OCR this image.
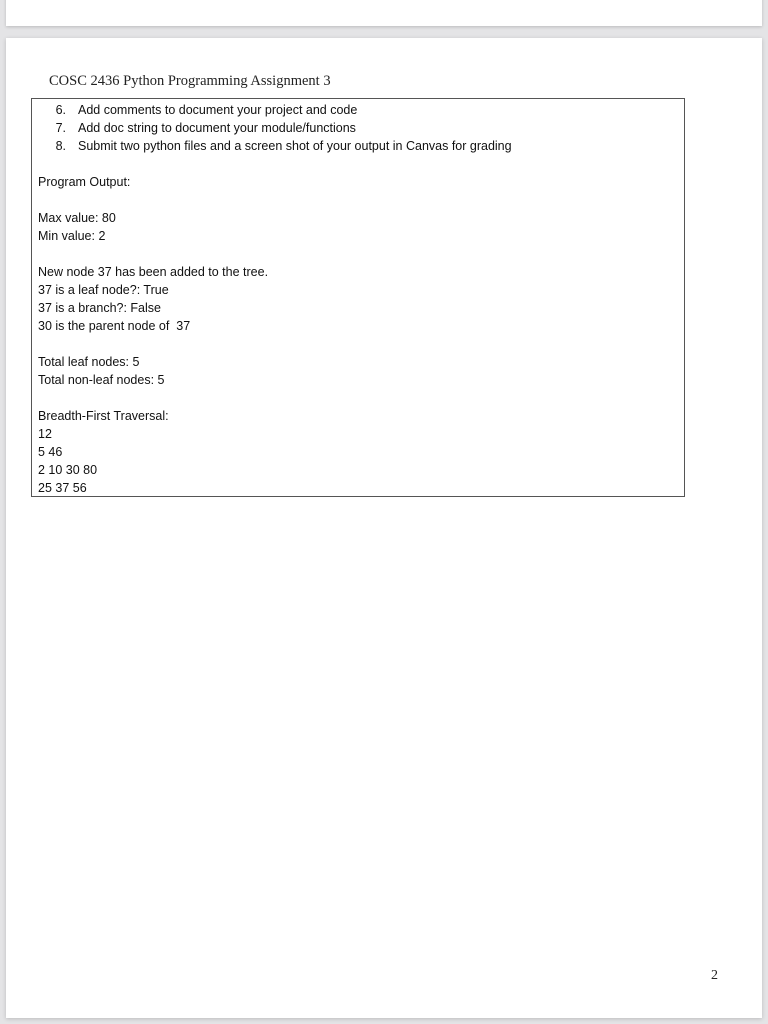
COSC 2436 Python Programming Assignment 3
6. Add comments to document your project and code
7. Add doc string to document your module/functions
8. Submit two python files and a screen shot of your output in Canvas for grading
Program Output:
Max value: 80
Min value: 2
New node 37 has been added to the tree.
37 is a leaf node?: True
37 is a branch?: False
30 is the parent node of  37
Total leaf nodes: 5
Total non-leaf nodes: 5
Breadth-First Traversal:
12
5 46
2 10 30 80
25 37 56
2
